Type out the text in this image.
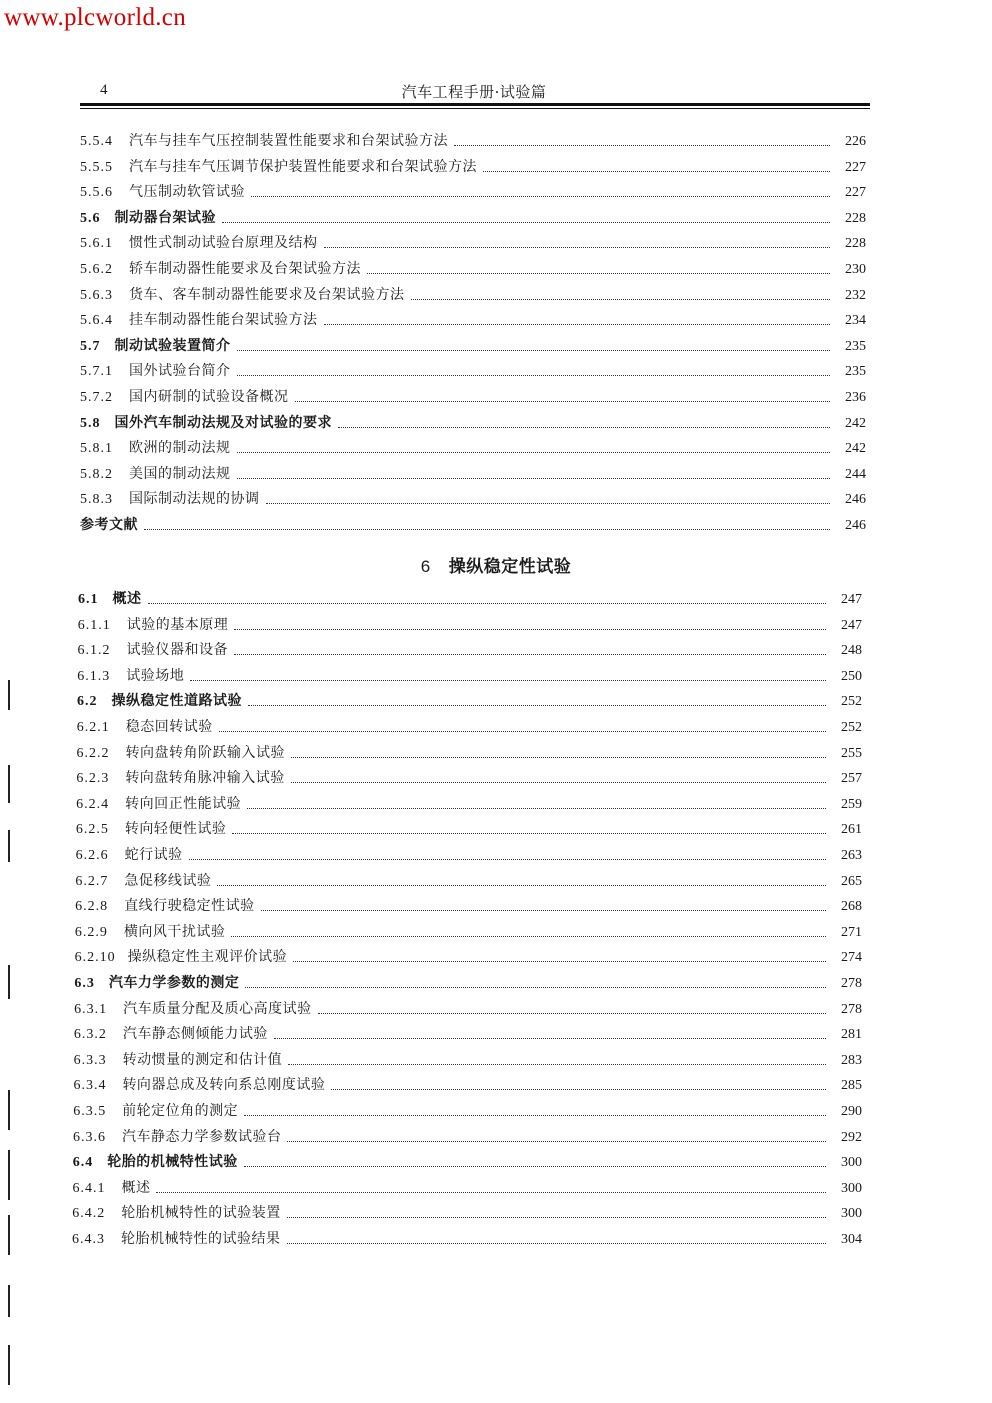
www.plcworld.cn
4	汽车工程手册·试验篇
5.5.4 汽车与挂车气压控制装置性能要求和台架试验方法	226
5.5.5 汽车与挂车气压调节保护装置性能要求和台架试验方法	227
5.5.6 气压制动软管试验	227
5.6 制动器台架试验	228
5.6.1 惯性式制动试验台原理及结构	228
5.6.2 轿车制动器性能要求及台架试验方法	230
5.6.3 货车、客车制动器性能要求及台架试验方法	232
5.6.4 挂车制动器性能台架试验方法	234
5.7 制动试验装置简介	235
5.7.1 国外试验台简介	235
5.7.2 国内研制的试验设备概况	236
5.8 国外汽车制动法规及对试验的要求	242
5.8.1 欧洲的制动法规	242
5.8.2 美国的制动法规	244
5.8.3 国际制动法规的协调	246
参考文献	246
6 操纵稳定性试验
6.1 概述	247
6.1.1 试验的基本原理	247
6.1.2 试验仪器和设备	248
6.1.3 试验场地	250
6.2 操纵稳定性道路试验	252
6.2.1 稳态回转试验	252
6.2.2 转向盘转角阶跃输入试验	255
6.2.3 转向盘转角脉冲输入试验	257
6.2.4 转向回正性能试验	259
6.2.5 转向轻便性试验	261
6.2.6 蛇行试验	263
6.2.7 急促移线试验	265
6.2.8 直线行驶稳定性试验	268
6.2.9 横向风干扰试验	271
6.2.10 操纵稳定性主观评价试验	274
6.3 汽车力学参数的测定	278
6.3.1 汽车质量分配及质心高度试验	278
6.3.2 汽车静态侧倾能力试验	281
6.3.3 转动惯量的测定和估计值	283
6.3.4 转向器总成及转向系总刚度试验	285
6.3.5 前轮定位角的测定	290
6.3.6 汽车静态力学参数试验台	292
6.4 轮胎的机械特性试验	300
6.4.1 概述	300
6.4.2 轮胎机械特性的试验装置	300
6.4.3 轮胎机械特性的试验结果	304
